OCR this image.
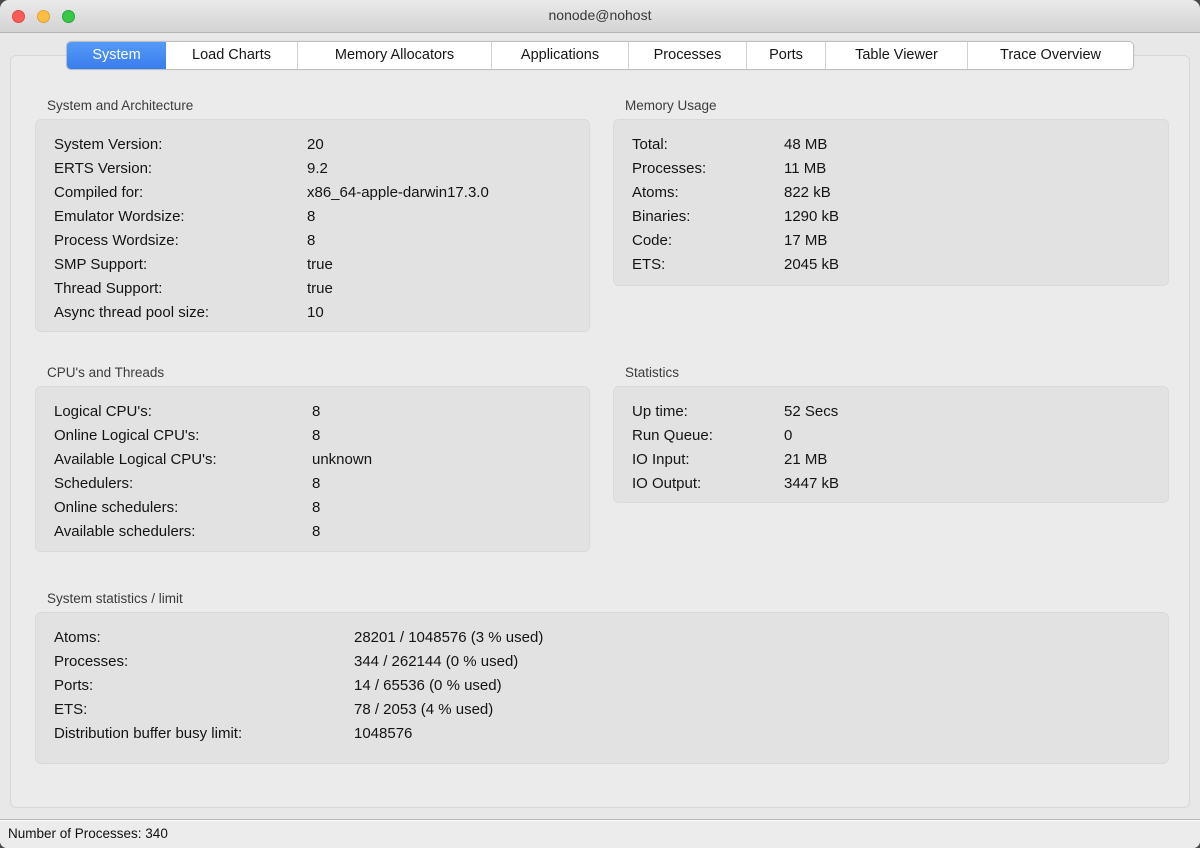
nonode@nohost
System	Load Charts	Memory Allocators	Applications	Processes	Ports	Table Viewer	Trace Overview
System and Architecture
System Version:	20
ERTS Version:	9.2
Compiled for:	x86_64-apple-darwin17.3.0
Emulator Wordsize:	8
Process Wordsize:	8
SMP Support:	true
Thread Support:	true
Async thread pool size:	10
Memory Usage
Total:	48 MB
Processes:	11 MB
Atoms:	822 kB
Binaries:	1290 kB
Code:	17 MB
ETS:	2045 kB
CPU's and Threads
Logical CPU's:	8
Online Logical CPU's:	8
Available Logical CPU's:	unknown
Schedulers:	8
Online schedulers:	8
Available schedulers:	8
Statistics
Up time:	52 Secs
Run Queue:	0
IO Input:	21 MB
IO Output:	3447 kB
System statistics / limit
Atoms:	28201 / 1048576 (3 % used)
Processes:	344 / 262144 (0 % used)
Ports:	14 / 65536 (0 % used)
ETS:	78 / 2053 (4 % used)
Distribution buffer busy limit:	1048576
Number of Processes: 340
